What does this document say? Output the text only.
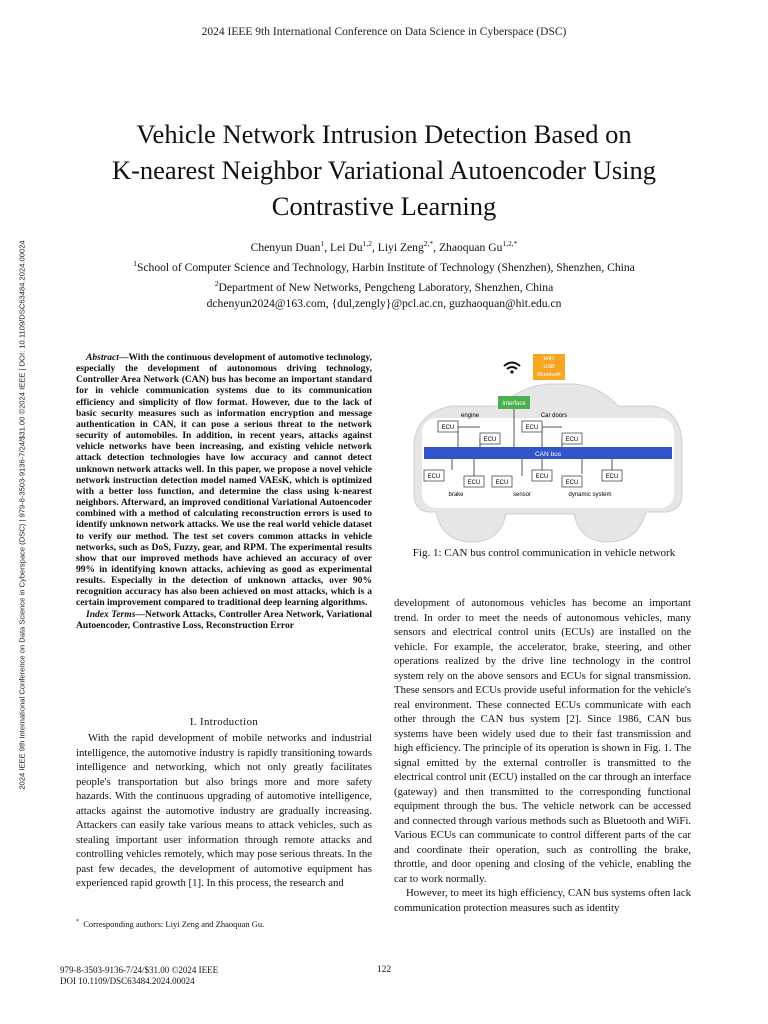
2024 IEEE 9th International Conference on Data Science in Cyberspace (DSC)
2024 IEEE 9th International Conference on Data Science in Cyberspace (DSC) | 979-8-3503-9136-7/24/$31.00 ©2024 IEEE | DOI: 10.1109/DSC63484.2024.00024
Vehicle Network Intrusion Detection Based on
K-nearest Neighbor Variational Autoencoder Using
Contrastive Learning
Chenyun Duan$^1$, Lei Du$^{1,2}$, Liyi Zeng$^{2,*}$, Zhaoquan $Gu^{1,2,*}$
$^1$School of Computer Science and Technology, Harbin Institute of Technology (Shenzhen), Shenzhen, China
$^2$Department of New Networks, Pengcheng Laboratory, Shenzhen, China
dchenyun2024@163.com, {dul,zengly}@pcl.ac.cn, guzhaoquan@hit.edu.cn

Abstract—With the continuous development of automotive technology, especially the development of autonomous driving technology, Controller Area Network (CAN) bus has become an important standard for in vehicle communication systems due to its communication efficiency and simplicity of flow format. However, due to the lack of basic security measures such as information encryption and message authentication in CAN, it can pose a serious threat to the network security of automobiles. In addition, in recent years, attacks against vehicle networks have been increasing, and existing vehicle network attack detection technologies have low accuracy and cannot detect unknown network attacks well. In this paper, we propose a novel vehicle network instruction detection model named VAEsK, which is optimized with a better loss function, and determine the class using k-nearest neighbors. Afterward, an improved conditional Variational Autoencoder combined with a method of calculating reconstruction errors is used to identify unknown network attacks. We use the real world vehicle dataset to verify our method. The test set covers common attacks in vehicle networks, such as DoS, Fuzzy, gear, and RPM. The experimental results show that our improved methods have achieved an accuracy of over 99% in identifying known attacks, achieving as good as experimental results. Especially in the detection of unknown attacks, over 90% recognition accuracy has also been achieved on most attacks, which is a certain improvement compared to traditional deep learning algorithms.

Index Terms—Network Attacks, Controller Area Network, Variational Autoencoder, Contrastive Loss, Reconstruction Error

I. Introduction

With the rapid development of mobile networks and industrial intelligence, the automotive industry is rapidly transitioning towards intelligence and networking, which not only greatly facilitates people's transportation but also brings more and more safety hazards. With the continuous upgrading of automotive intelligence, attacks against the automotive industry are gradually increasing. Attackers can easily take various means to attack vehicles, such as stealing important user information through remote attacks and controlling vehicles remotely, which may pose serious threats. In the past few decades, the development of automotive equipment has experienced rapid growth [1]. In this process, the research and

* Corresponding authors: Liyi Zeng and Zhaoquan Gu.
WiFi
USB
Bluetooth
Interface
engine	Car doors
ECU
ECU
ECU
ECU
CAN bus
ECU
ECU	ECU
ECU
ECU
ECU
brake	sensor	dynamic system
Fig. 1: CAN bus control communication in vehicle network

development of autonomous vehicles has become an important trend. In order to meet the needs of autonomous vehicles, many sensors and electrical control units (ECUs) are installed on the vehicle. For example, the accelerator, brake, steering, and other operations realized by the drive line technology in the control system rely on the above sensors and ECUs for signal transmission. These sensors and ECUs provide useful information for the vehicle's real environment. These connected ECUs communicate with each other through the CAN bus system [2]. Since 1986, CAN bus systems have been widely used due to their fast transmission and high efficiency. The principle of its operation is shown in Fig. 1. The signal emitted by the external controller is transmitted to the electrical control unit (ECU) installed on the car through an interface (gateway) and then transmitted to the corresponding functional equipment through the bus. The vehicle network can be accessed and connected through various methods such as Bluetooth and WiFi. Various ECUs can communicate to control different parts of the car and coordinate their operation, such as controlling the brake, throttle, and door opening and closing of the vehicle, enabling the car to work normally.

However, to meet its high efficiency, CAN bus systems often lack communication protection measures such as identity

979-8-3503-9136-7/24/$31.00 ©2024 IEEE
DOI 10.1109/DSC63484.2024.00024
122
